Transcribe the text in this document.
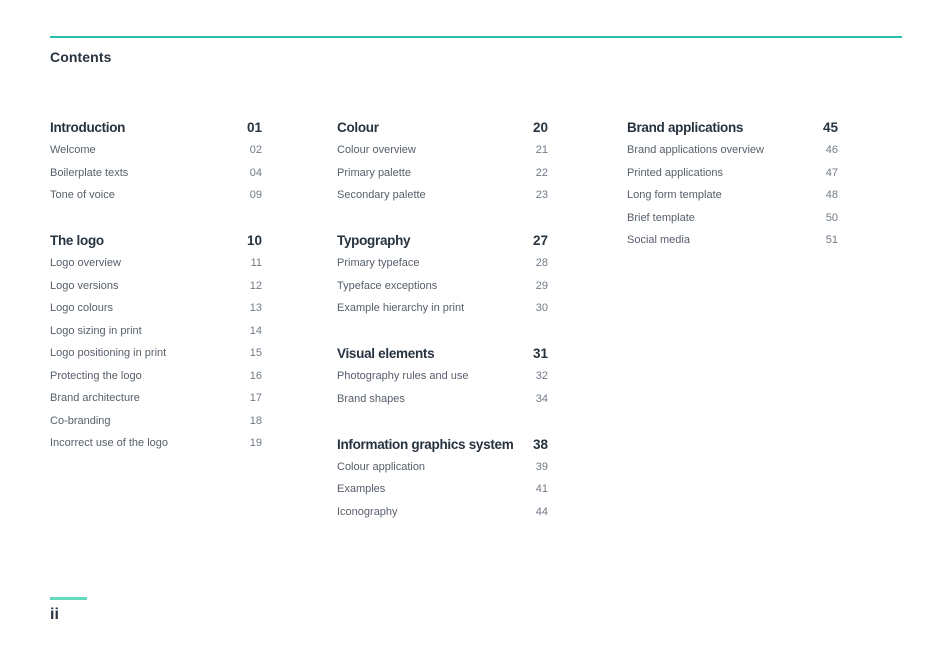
Contents
Introduction	01
Welcome	02
Boilerplate texts	04
Tone of voice	09
The logo	10
Logo overview	11
Logo versions	12
Logo colours	13
Logo sizing in print	14
Logo positioning in print	15
Protecting the logo	16
Brand architecture	17
Co-branding	18
Incorrect use of the logo	19
Colour	20
Colour overview	21
Primary palette	22
Secondary palette	23
Typography	27
Primary typeface	28
Typeface exceptions	29
Example hierarchy in print	30
Visual elements	31
Photography rules and use	32
Brand shapes	34
Information graphics system 38
Colour application	39
Examples	41
Iconography	44
Brand applications	45
Brand applications overview	46
Printed applications	47
Long form template	48
Brief template	50
Social media	51
ii
